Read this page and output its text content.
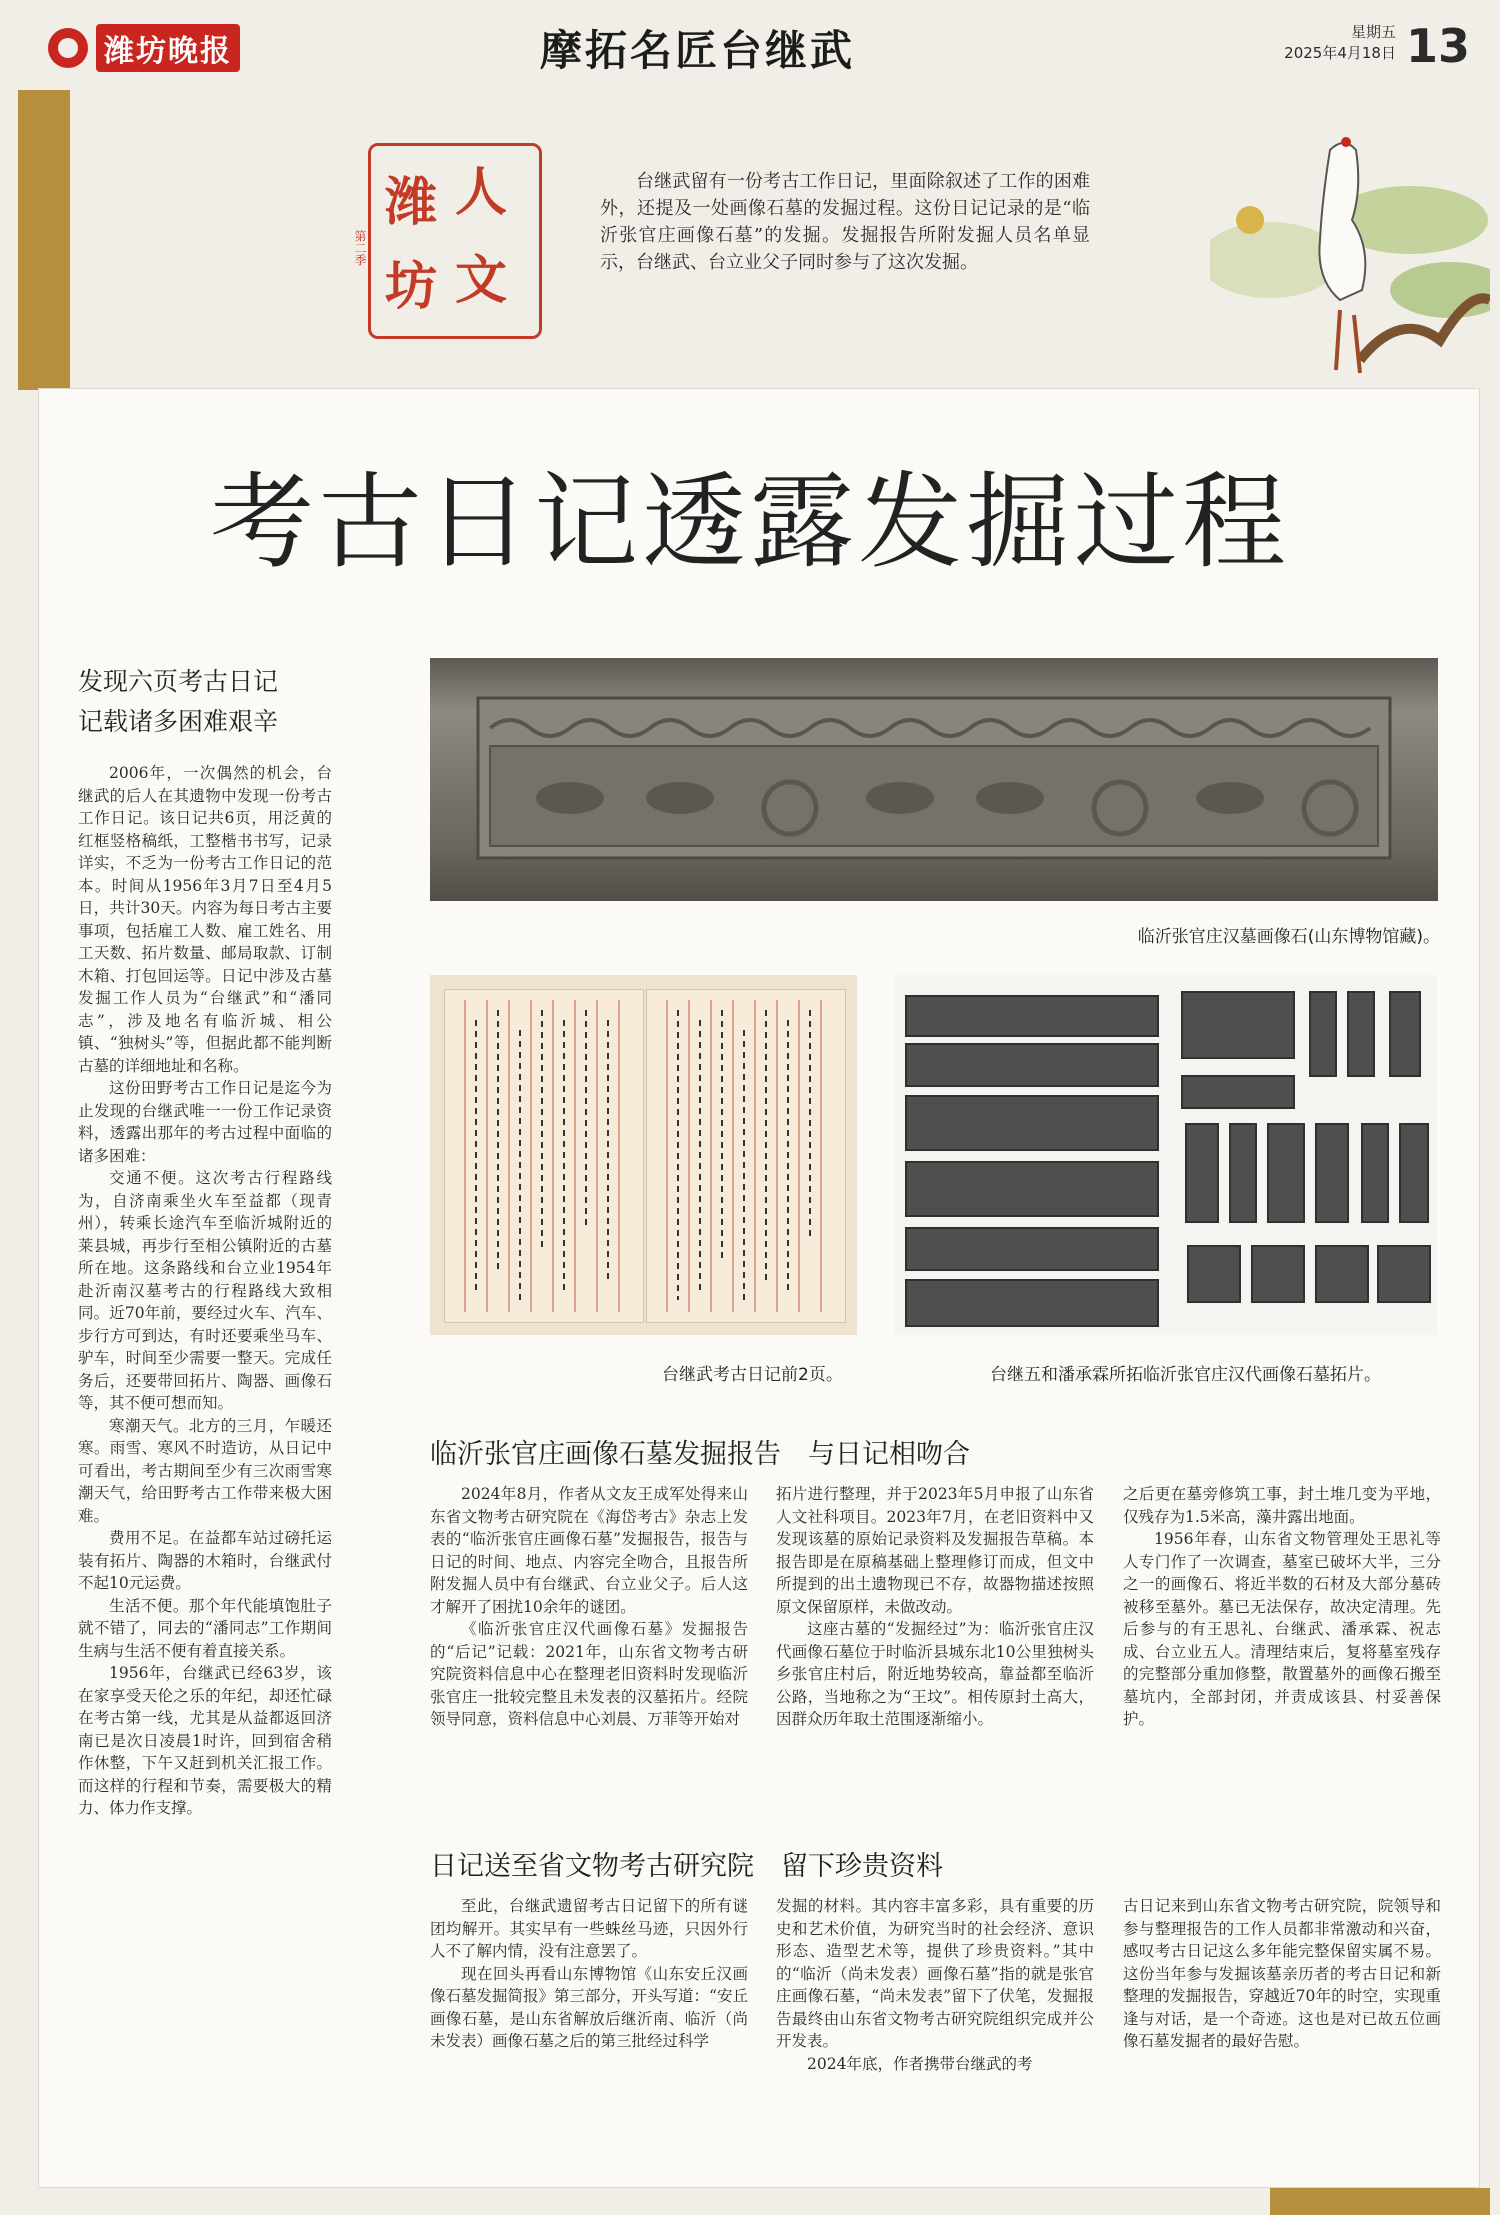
潍坊晚报	摩拓名匠台继武	星期五
2025年4月18日 13
潍 人
坊 文
第二季
台继武留有一份考古工作日记，里面除叙述了工作的困难外，还提及一处画像石墓的发掘过程。这份日记记录的是“临沂张官庄画像石墓”的发掘。发掘报告所附发掘人员名单显示，台继武、台立业父子同时参与了这次发掘。
考古日记透露发掘过程
发现六页考古日记
记载诸多困难艰辛

2006年，一次偶然的机会，台继武的后人在其遗物中发现一份考古工作日记。该日记共6页，用泛黄的红框竖格稿纸，工整楷书书写，记录详实，不乏为一份考古工作日记的范本。时间从1956年3月7日至4月5日，共计30天。内容为每日考古主要事项，包括雇工人数、雇工姓名、用工天数、拓片数量、邮局取款、订制木箱、打包回运等。日记中涉及古墓发掘工作人员为“台继武”和“潘同志”，涉及地名有临沂城、相公镇、“独树头”等，但据此都不能判断古墓的详细地址和名称。

这份田野考古工作日记是迄今为止发现的台继武唯一一份工作记录资料，透露出那年的考古过程中面临的诸多困难：

交通不便。这次考古行程路线为，自济南乘坐火车至益都（现青州），转乘长途汽车至临沂城附近的莱县城，再步行至相公镇附近的古墓所在地。这条路线和台立业1954年赴沂南汉墓考古的行程路线大致相同。近70年前，要经过火车、汽车、步行方可到达，有时还要乘坐马车、驴车，时间至少需要一整天。完成任务后，还要带回拓片、陶器、画像石等，其不便可想而知。

寒潮天气。北方的三月，乍暖还寒。雨雪、寒风不时造访，从日记中可看出，考古期间至少有三次雨雪寒潮天气，给田野考古工作带来极大困难。

费用不足。在益都车站过磅托运装有拓片、陶器的木箱时，台继武付不起10元运费。

生活不便。那个年代能填饱肚子就不错了，同去的“潘同志”工作期间生病与生活不便有着直接关系。

1956年，台继武已经63岁，该在家享受天伦之乐的年纪，却还忙碌在考古第一线，尤其是从益都返回济南已是次日凌晨1时许，回到宿舍稍作休整，下午又赶到机关汇报工作。而这样的行程和节奏，需要极大的精力、体力作支撑。

临沂张官庄汉墓画像石(山东博物馆藏)。
台继武考古日记前2页。	台继五和潘承霖所拓临沂张官庄汉代画像石墓拓片。
临沂张官庄画像石墓发掘报告　与日记相吻合

2024年8月，作者从文友王成军处得来山东省文物考古研究院在《海岱考古》杂志上发表的“临沂张官庄画像石墓”发掘报告，报告与日记的时间、地点、内容完全吻合，且报告所附发掘人员中有台继武、台立业父子。后人这才解开了困扰10余年的谜团。

《临沂张官庄汉代画像石墓》发掘报告的“后记”记载：2021年，山东省文物考古研究院资料信息中心在整理老旧资料时发现临沂张官庄一批较完整且未发表的汉墓拓片。经院领导同意，资料信息中心刘晨、万菲等开始对

拓片进行整理，并于2023年5月申报了山东省人文社科项目。2023年7月，在老旧资料中又发现该墓的原始记录资料及发掘报告草稿。本报告即是在原稿基础上整理修订而成，但文中所提到的出土遗物现已不存，故器物描述按照原文保留原样，未做改动。

这座古墓的“发掘经过”为：临沂张官庄汉代画像石墓位于时临沂县城东北10公里独树头乡张官庄村后，附近地势较高，靠益都至临沂公路，当地称之为“王坟”。相传原封土高大，因群众历年取土范围逐渐缩小。

之后更在墓旁修筑工事，封土堆几变为平地，仅残存为1.5米高，藻井露出地面。

1956年春，山东省文物管理处王思礼等人专门作了一次调查，墓室已破坏大半，三分之一的画像石、将近半数的石材及大部分墓砖被移至墓外。墓已无法保存，故决定清理。先后参与的有王思礼、台继武、潘承霖、祝志成、台立业五人。清理结束后，复将墓室残存的完整部分重加修整，散置墓外的画像石搬至墓坑内，全部封闭，并责成该县、村妥善保护。

日记送至省文物考古研究院　留下珍贵资料

至此，台继武遗留考古日记留下的所有谜团均解开。其实早有一些蛛丝马迹，只因外行人不了解内情，没有注意罢了。

现在回头再看山东博物馆《山东安丘汉画像石墓发掘简报》第三部分，开头写道：“安丘画像石墓，是山东省解放后继沂南、临沂（尚未发表）画像石墓之后的第三批经过科学

发掘的材料。其内容丰富多彩，具有重要的历史和艺术价值，为研究当时的社会经济、意识形态、造型艺术等，提供了珍贵资料。”其中的“临沂（尚未发表）画像石墓”指的就是张官庄画像石墓，“尚未发表”留下了伏笔，发掘报告最终由山东省文物考古研究院组织完成并公开发表。

2024年底，作者携带台继武的考

古日记来到山东省文物考古研究院，院领导和参与整理报告的工作人员都非常激动和兴奋，感叹考古日记这么多年能完整保留实属不易。这份当年参与发掘该墓亲历者的考古日记和新整理的发掘报告，穿越近70年的时空，实现重逢与对话，是一个奇迹。这也是对已故五位画像石墓发掘者的最好告慰。
